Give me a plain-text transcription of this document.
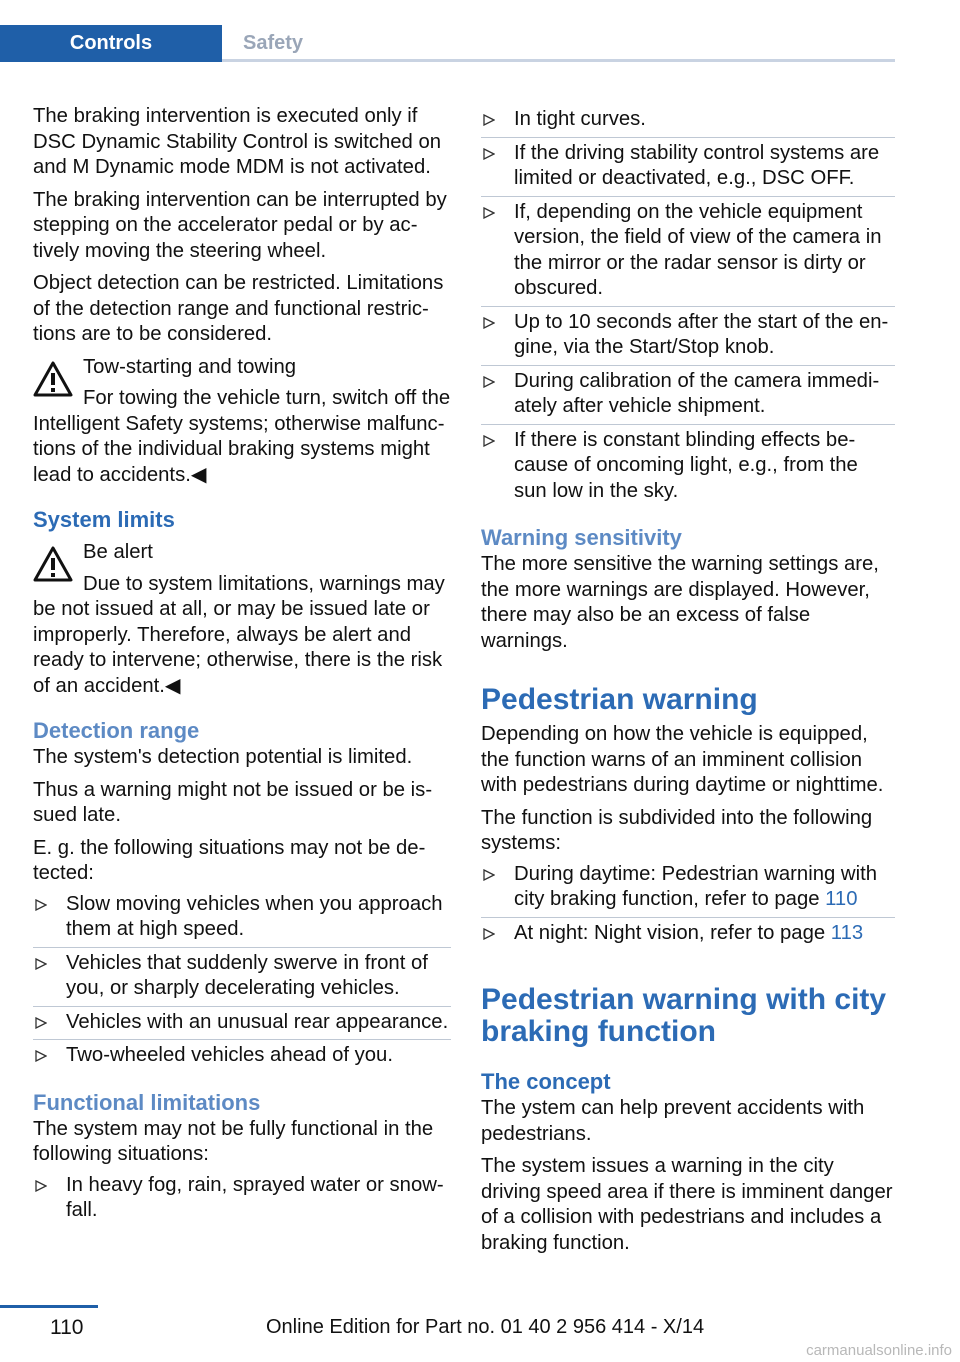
Controls	Safety

The braking intervention is executed only if DSC Dynamic Stability Control is switched on and M Dynamic mode MDM is not activated.

The braking intervention can be interrupted by stepping on the accelerator pedal or by actively moving the steering wheel.

Object detection can be restricted. Limitations of the detection range and functional restrictions are to be considered.

Tow-starting and towing
For towing the vehicle turn, switch off the Intelligent Safety systems; otherwise malfunctions of the individual braking systems might lead to accidents.◀
System limits
Be alert
Due to system limitations, warnings may be not issued at all, or may be issued late or improperly. Therefore, always be alert and ready to intervene; otherwise, there is the risk of an accident.◀
Detection range

The system's detection potential is limited.

Thus a warning might not be issued or be issued late.

E. g. the following situations may not be detected:

Slow moving vehicles when you approach them at high speed.
Vehicles that suddenly swerve in front of you, or sharply decelerating vehicles.
Vehicles with an unusual rear appearance.
Two-wheeled vehicles ahead of you.
Functional limitations

The system may not be fully functional in the following situations:

In heavy fog, rain, sprayed water or snowfall.
In tight curves.
If the driving stability control systems are limited or deactivated, e.g., DSC OFF.
If, depending on the vehicle equipment version, the field of view of the camera in the mirror or the radar sensor is dirty or obscured.
Up to 10 seconds after the start of the engine, via the Start/Stop knob.
During calibration of the camera immediately after vehicle shipment.
If there is constant blinding effects because of oncoming light, e.g., from the sun low in the sky.
Warning sensitivity

The more sensitive the warning settings are, the more warnings are displayed. However, there may also be an excess of false warnings.

Pedestrian warning

Depending on how the vehicle is equipped, the function warns of an imminent collision with pedestrians during daytime or nighttime.

The function is subdivided into the following systems:

During daytime: Pedestrian warning with city braking function, refer to page 110
At night: Night vision, refer to page 113
Pedestrian warning with city braking function
The concept

The ystem can help prevent accidents with pedestrians.

The system issues a warning in the city driving speed area if there is imminent danger of a collision with pedestrians and includes a braking function.

110	Online Edition for Part no. 01 40 2 956 414 - X/14
carmanualsonline.info
